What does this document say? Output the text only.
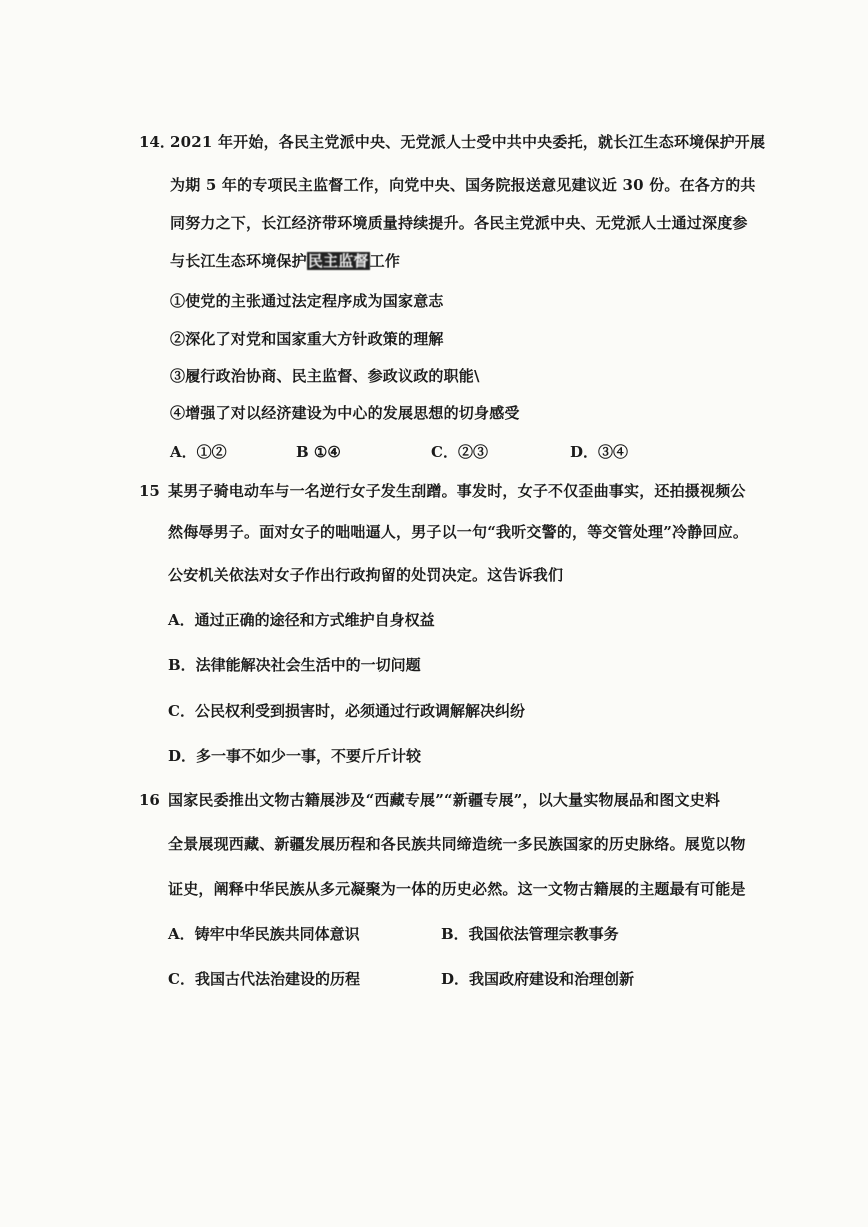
14．
2021 年开始，各民主党派中央、无党派人士受中共中央委托，就长江生态环境保护开展
为期 5 年的专项民主监督工作，向党中央、国务院报送意见建议近 30 份。在各方的共
同努力之下，长江经济带环境质量持续提升。各民主党派中央、无党派人士通过深度参
与长江生态环境保护民主监督工作
①使党的主张通过法定程序成为国家意志
②深化了对党和国家重大方针政策的理解
③履行政治协商、民主监督、参政议政的职能\
④增强了对以经济建设为中心的发展思想的切身感受
A．①②	B ①④	C．②③	D．③④
15 某男子骑电动车与一名逆行女子发生刮蹭。事发时，女子不仅歪曲事实，还拍摄视频公
然侮辱男子。面对女子的咄咄逼人，男子以一句“我听交警的，等交管处理”冷静回应。
公安机关依法对女子作出行政拘留的处罚决定。这告诉我们
A．通过正确的途径和方式维护自身权益
B．法律能解决社会生活中的一切问题
C．公民权利受到损害时，必须通过行政调解解决纠纷
D．多一事不如少一事，不要斤斤计较
16 国家民委推出文物古籍展涉及“西藏专展”“新疆专展”，以大量实物展品和图文史料
全景展现西藏、新疆发展历程和各民族共同缔造统一多民族国家的历史脉络。展览以物
证史，阐释中华民族从多元凝聚为一体的历史必然。这一文物古籍展的主题最有可能是
A．铸牢中华民族共同体意识	B．我国依法管理宗教事务
C．我国古代法治建设的历程	D．我国政府建设和治理创新
